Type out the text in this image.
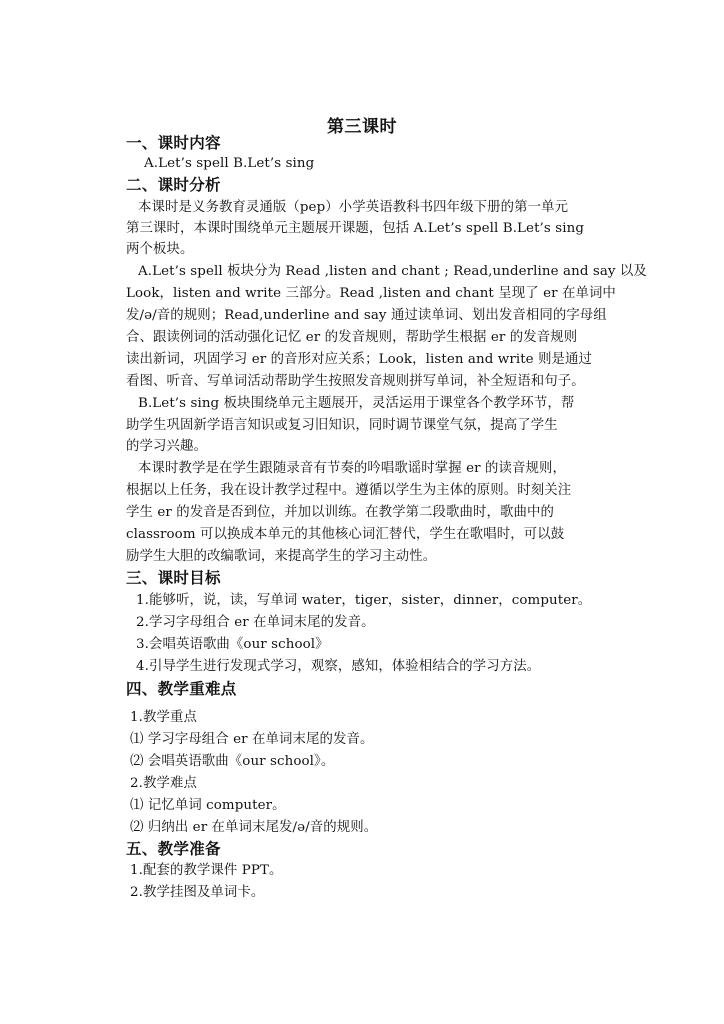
第三课时
一、课时内容
A.Let’s spell B.Let’s sing
二、课时分析
本课时是义务教育灵通版（pep）小学英语教科书四年级下册的第一单元
第三课时，本课时围绕单元主题展开课题，包括 A.Let’s spell B.Let’s sing
两个板块。
A.Let’s spell 板块分为 Read ,listen and chant ; Read,underline and say 以及
Look，listen and write 三部分。Read ,listen and chant 呈现了 er 在单词中
发/ə/音的规则；Read,underline and say 通过读单词、划出发音相同的字母组
合、跟读例词的活动强化记忆 er 的发音规则，帮助学生根据 er 的发音规则
读出新词，巩固学习 er 的音形对应关系；Look，listen and write 则是通过
看图、听音、写单词活动帮助学生按照发音规则拼写单词，补全短语和句子。
B.Let’s sing 板块围绕单元主题展开，灵活运用于课堂各个教学环节，帮
助学生巩固新学语言知识或复习旧知识，同时调节课堂气氛，提高了学生
的学习兴趣。
本课时教学是在学生跟随录音有节奏的吟唱歌谣时掌握 er 的读音规则，
根据以上任务，我在设计教学过程中。遵循以学生为主体的原则。时刻关注
学生 er 的发音是否到位，并加以训练。在教学第二段歌曲时，歌曲中的
classroom 可以换成本单元的其他核心词汇替代，学生在歌唱时，可以鼓
励学生大胆的改编歌词，来提高学生的学习主动性。
三、课时目标
1.能够听，说，读，写单词 water，tiger，sister，dinner，computer。
2.学习字母组合 er 在单词末尾的发音。
3.会唱英语歌曲《our school》
4.引导学生进行发现式学习，观察，感知，体验相结合的学习方法。
四、教学重难点
1.教学重点
⑴ 学习字母组合 er 在单词末尾的发音。
⑵ 会唱英语歌曲《our school》。
2.教学难点
⑴ 记忆单词 computer。
⑵ 归纳出 er 在单词末尾发/ə/音的规则。
五、教学准备
1.配套的教学课件 PPT。
2.教学挂图及单词卡。
